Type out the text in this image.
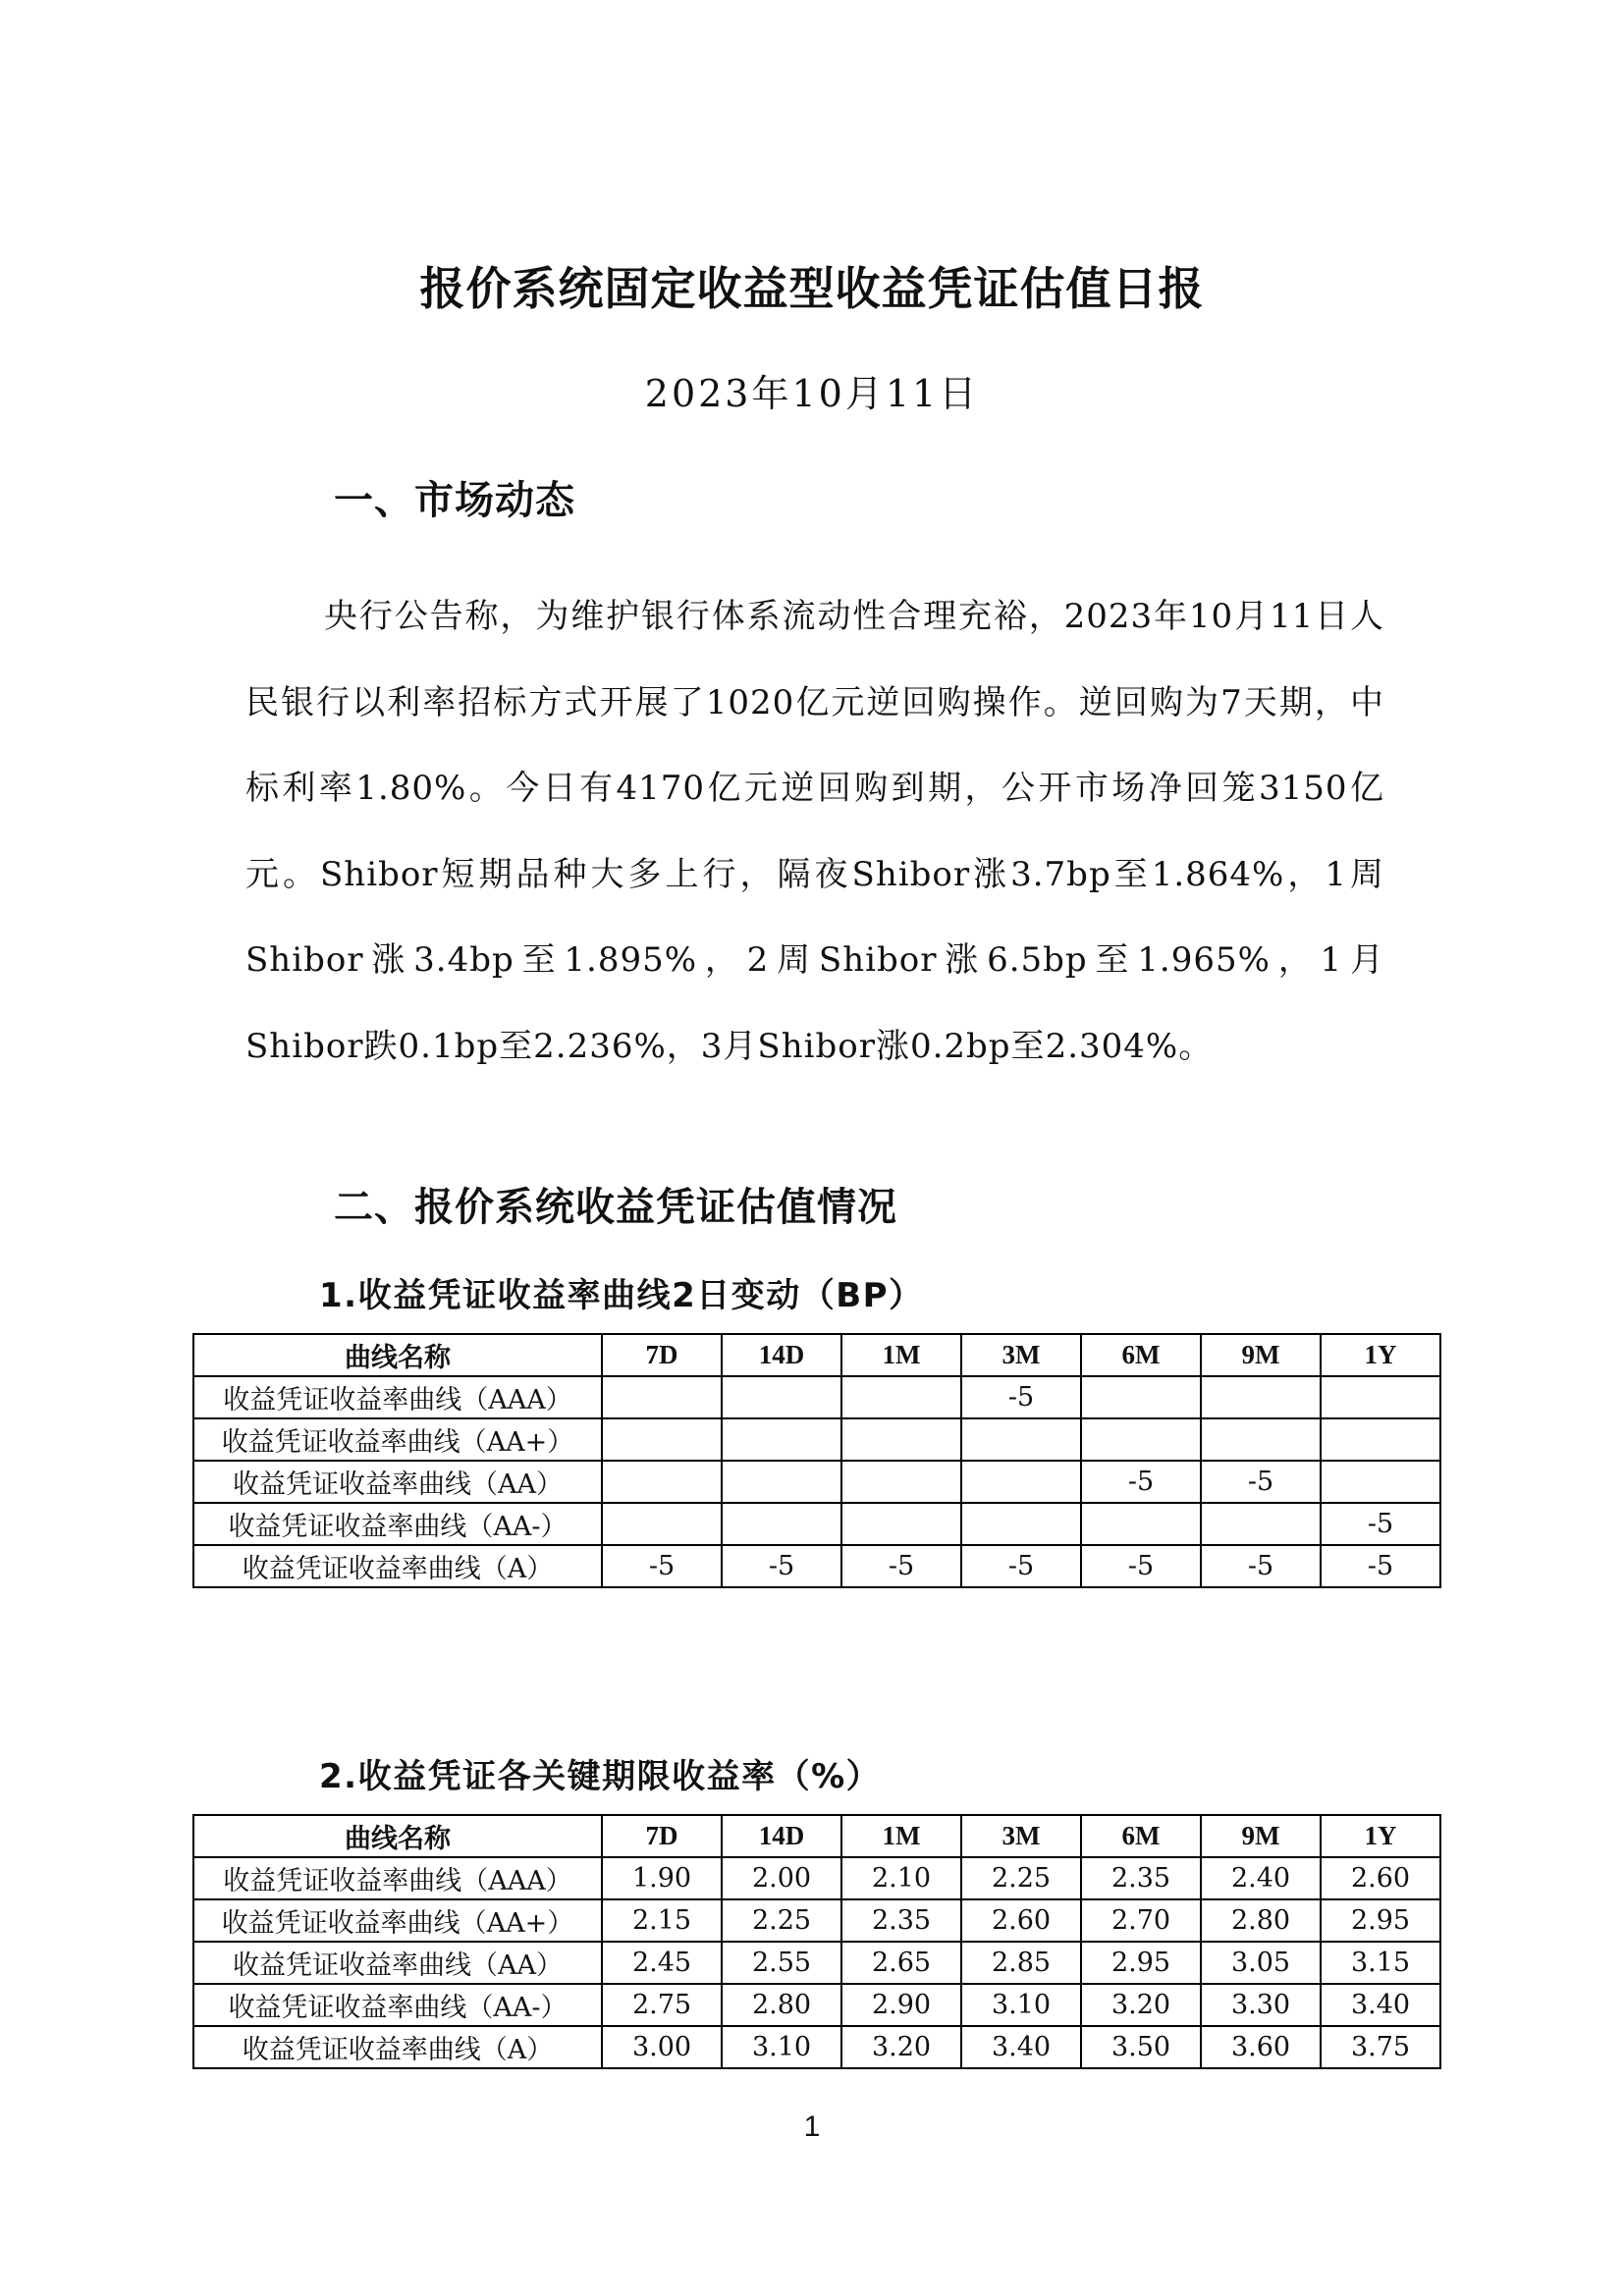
报价系统固定收益型收益凭证估值日报
2023年10月11日
一、市场动态

央行公告称，为维护银行体系流动性合理充裕，2023年10月11日人民银行以利率招标方式开展了1020亿元逆回购操作。逆回购为7天期，中标利率1.80%。今日有4170亿元逆回购到期，公开市场净回笼3150亿元。Shibor短期品种大多上行，隔夜Shibor涨3.7bp至1.864%，1周Shibor涨3.4bp至1.895%，2周Shibor涨6.5bp至1.965%，1月Shibor跌0.1bp至2.236%，3月Shibor涨0.2bp至2.304%。

二、报价系统收益凭证估值情况
1.收益凭证收益率曲线2日变动（BP）
曲线名称	7D	14D	1M	3M	6M	9M	1Y
收益凭证收益率曲线（AAA）				-5			
收益凭证收益率曲线（AA+）							
收益凭证收益率曲线（AA）					-5	-5	
收益凭证收益率曲线（AA-）							-5
收益凭证收益率曲线（A）	-5	-5	-5	-5	-5	-5	-5
2.收益凭证各关键期限收益率（%）
曲线名称	7D	14D	1M	3M	6M	9M	1Y
收益凭证收益率曲线（AAA）	1.90	2.00	2.10	2.25	2.35	2.40	2.60
收益凭证收益率曲线（AA+）	2.15	2.25	2.35	2.60	2.70	2.80	2.95
收益凭证收益率曲线（AA）	2.45	2.55	2.65	2.85	2.95	3.05	3.15
收益凭证收益率曲线（AA-）	2.75	2.80	2.90	3.10	3.20	3.30	3.40
收益凭证收益率曲线（A）	3.00	3.10	3.20	3.40	3.50	3.60	3.75
1
